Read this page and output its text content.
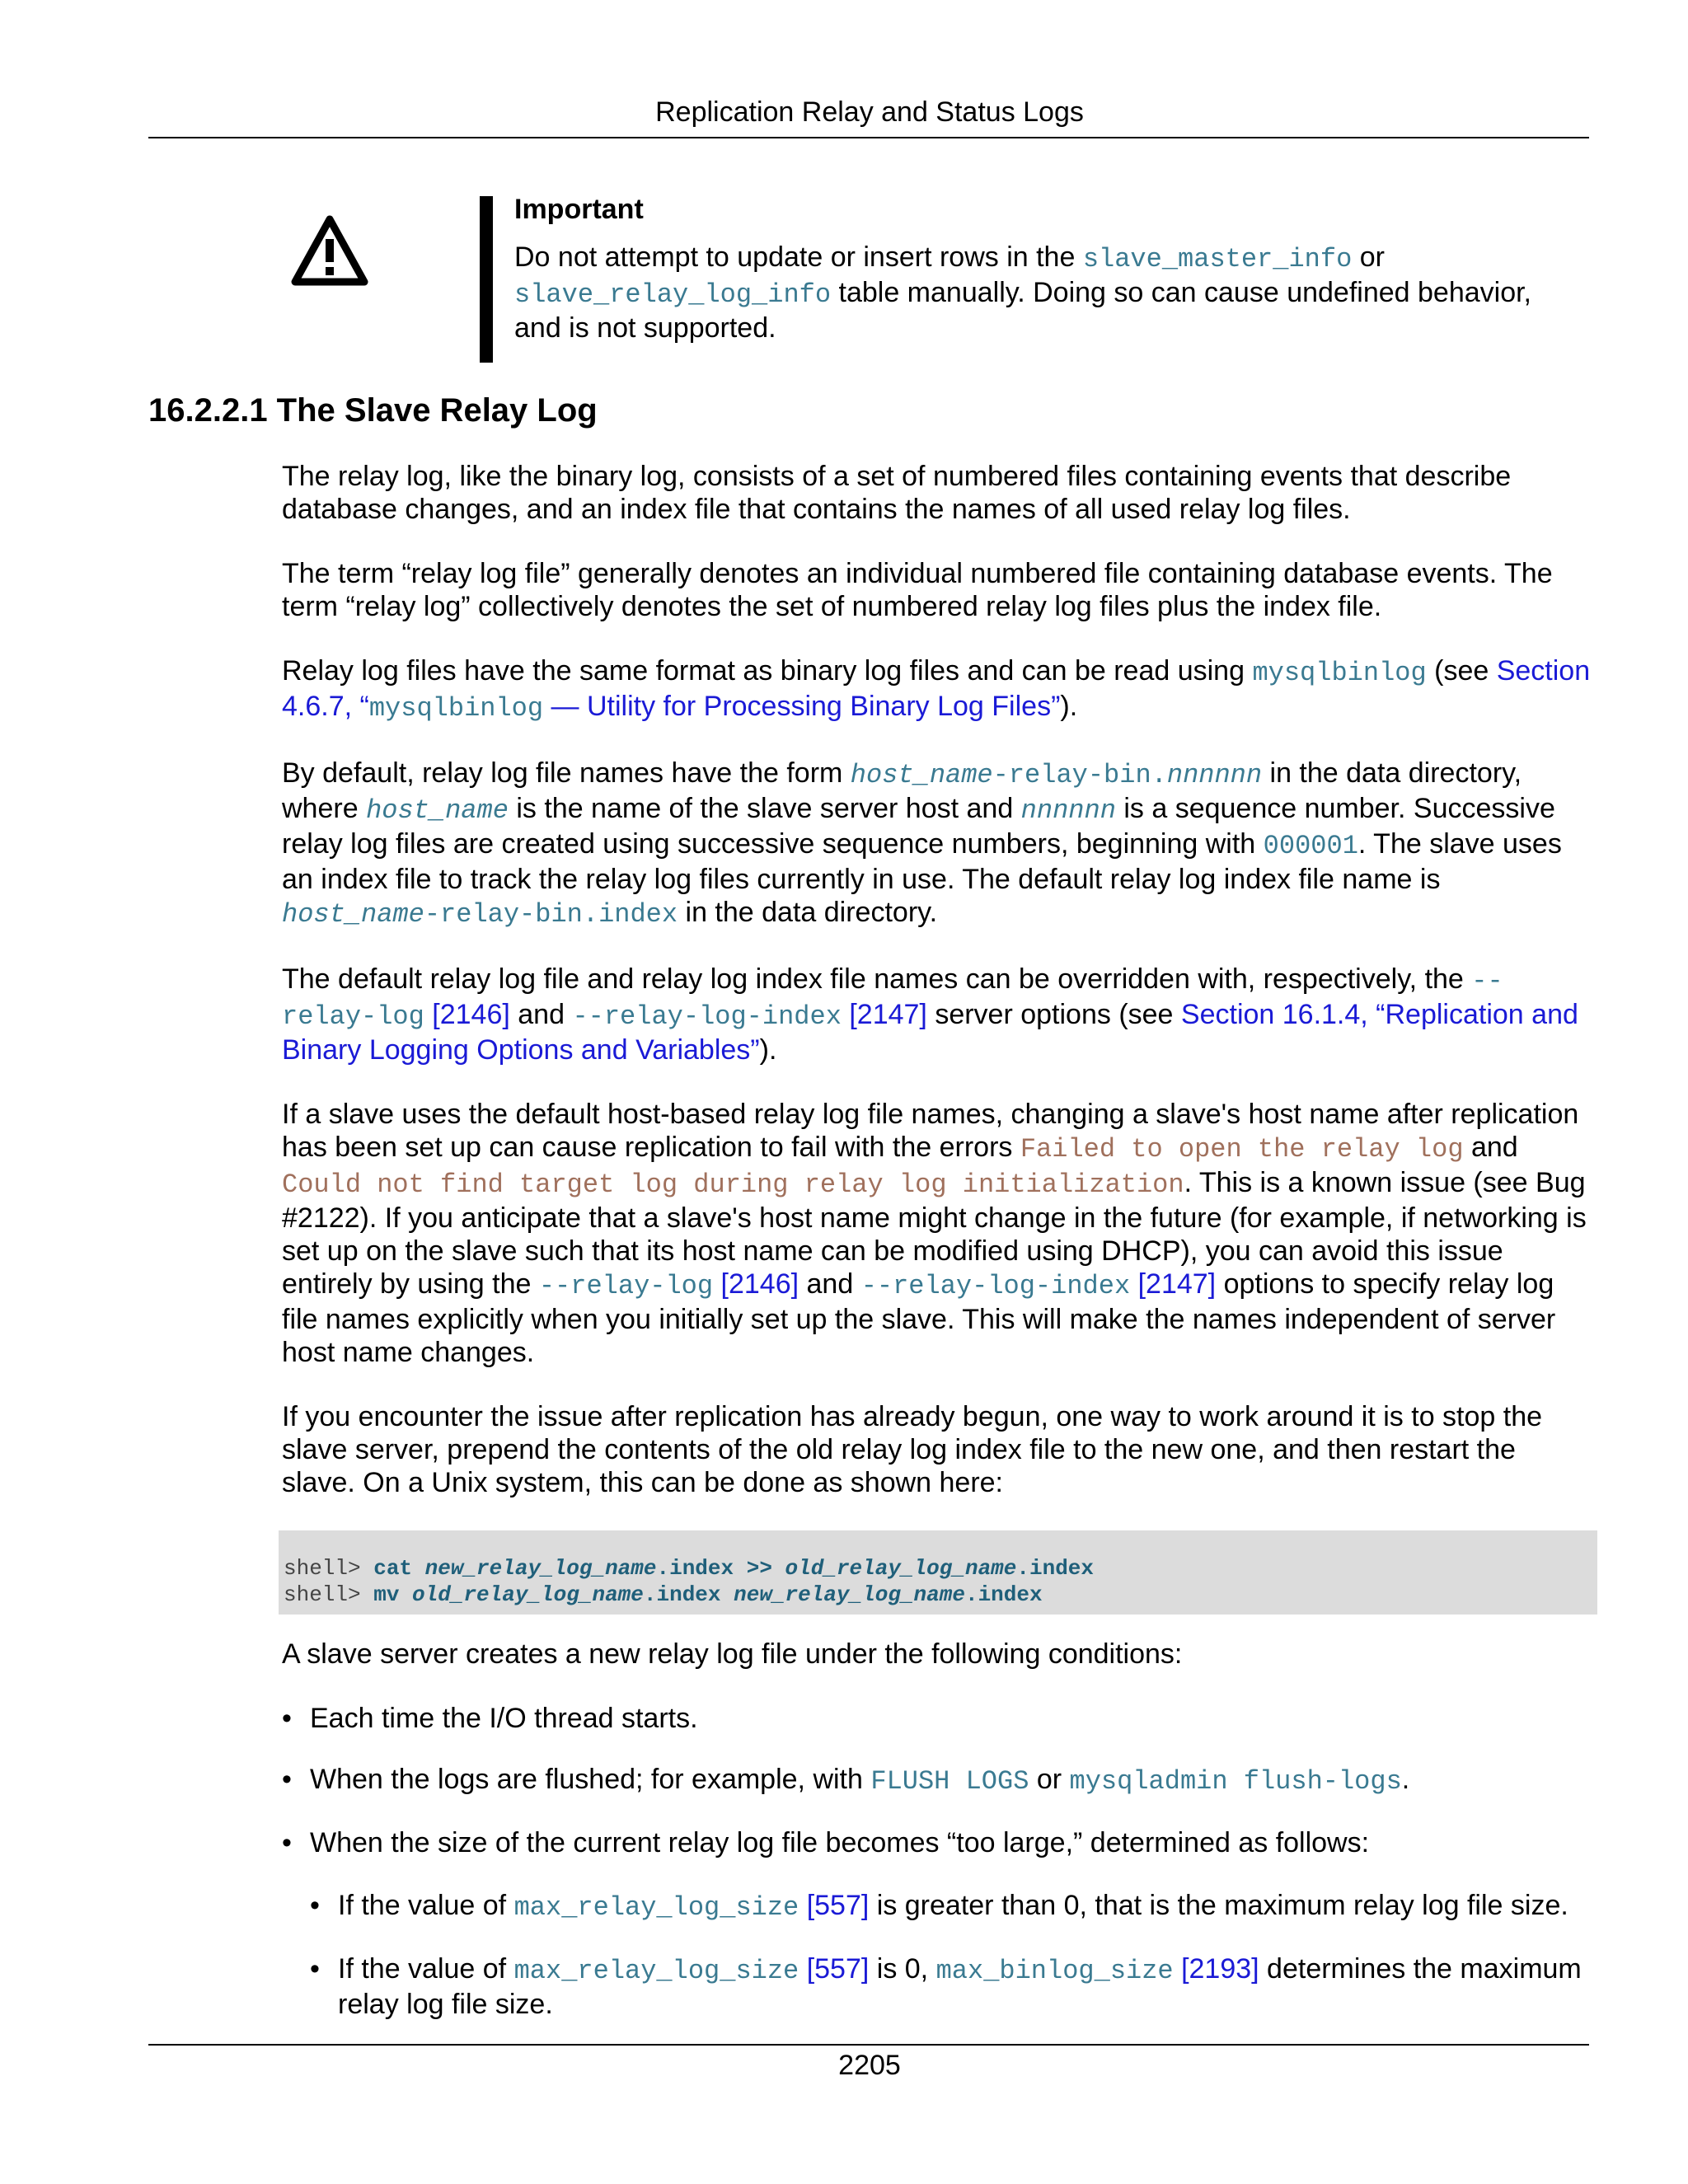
Replication Relay and Status Logs
Important

Do not attempt to update or insert rows in the slave_master_info or slave_relay_log_info table manually. Doing so can cause undefined behavior, and is not supported.

16.2.2.1 The Slave Relay Log

The relay log, like the binary log, consists of a set of numbered files containing events that describe database changes, and an index file that contains the names of all used relay log files.

The term “relay log file” generally denotes an individual numbered file containing database events. The term “relay log” collectively denotes the set of numbered relay log files plus the index file.

Relay log files have the same format as binary log files and can be read using mysqlbinlog (see Section 4.6.7, “mysqlbinlog — Utility for Processing Binary Log Files”).

By default, relay log file names have the form host_name-relay-bin.nnnnnn in the data directory, where host_name is the name of the slave server host and nnnnnn is a sequence number. Successive relay log files are created using successive sequence numbers, beginning with 000001. The slave uses an index file to track the relay log files currently in use. The default relay log index file name is host_name-relay-bin.index in the data directory.

The default relay log file and relay log index file names can be overridden with, respectively, the --relay-log [2146] and --relay-log-index [2147] server options (see Section 16.1.4, “Replication and Binary Logging Options and Variables”).

If a slave uses the default host-based relay log file names, changing a slave's host name after replication has been set up can cause replication to fail with the errors Failed to open the relay log and Could not find target log during relay log initialization. This is a known issue (see Bug #2122). If you anticipate that a slave's host name might change in the future (for example, if networking is set up on the slave such that its host name can be modified using DHCP), you can avoid this issue entirely by using the --relay-log [2146] and --relay-log-index [2147] options to specify relay log file names explicitly when you initially set up the slave. This will make the names independent of server host name changes.

If you encounter the issue after replication has already begun, one way to work around it is to stop the slave server, prepend the contents of the old relay log index file to the new one, and then restart the slave. On a Unix system, this can be done as shown here:

shell> cat new_relay_log_name.index >> old_relay_log_name.index
shell> mv old_relay_log_name.index new_relay_log_name.index

A slave server creates a new relay log file under the following conditions:

• Each time the I/O thread starts.
• When the logs are flushed; for example, with FLUSH LOGS or mysqladmin flush-logs.
• When the size of the current relay log file becomes “too large,” determined as follows:
• If the value of max_relay_log_size [557] is greater than 0, that is the maximum relay log file size.
• If the value of max_relay_log_size [557] is 0, max_binlog_size [2193] determines the maximum relay log file size.
2205
